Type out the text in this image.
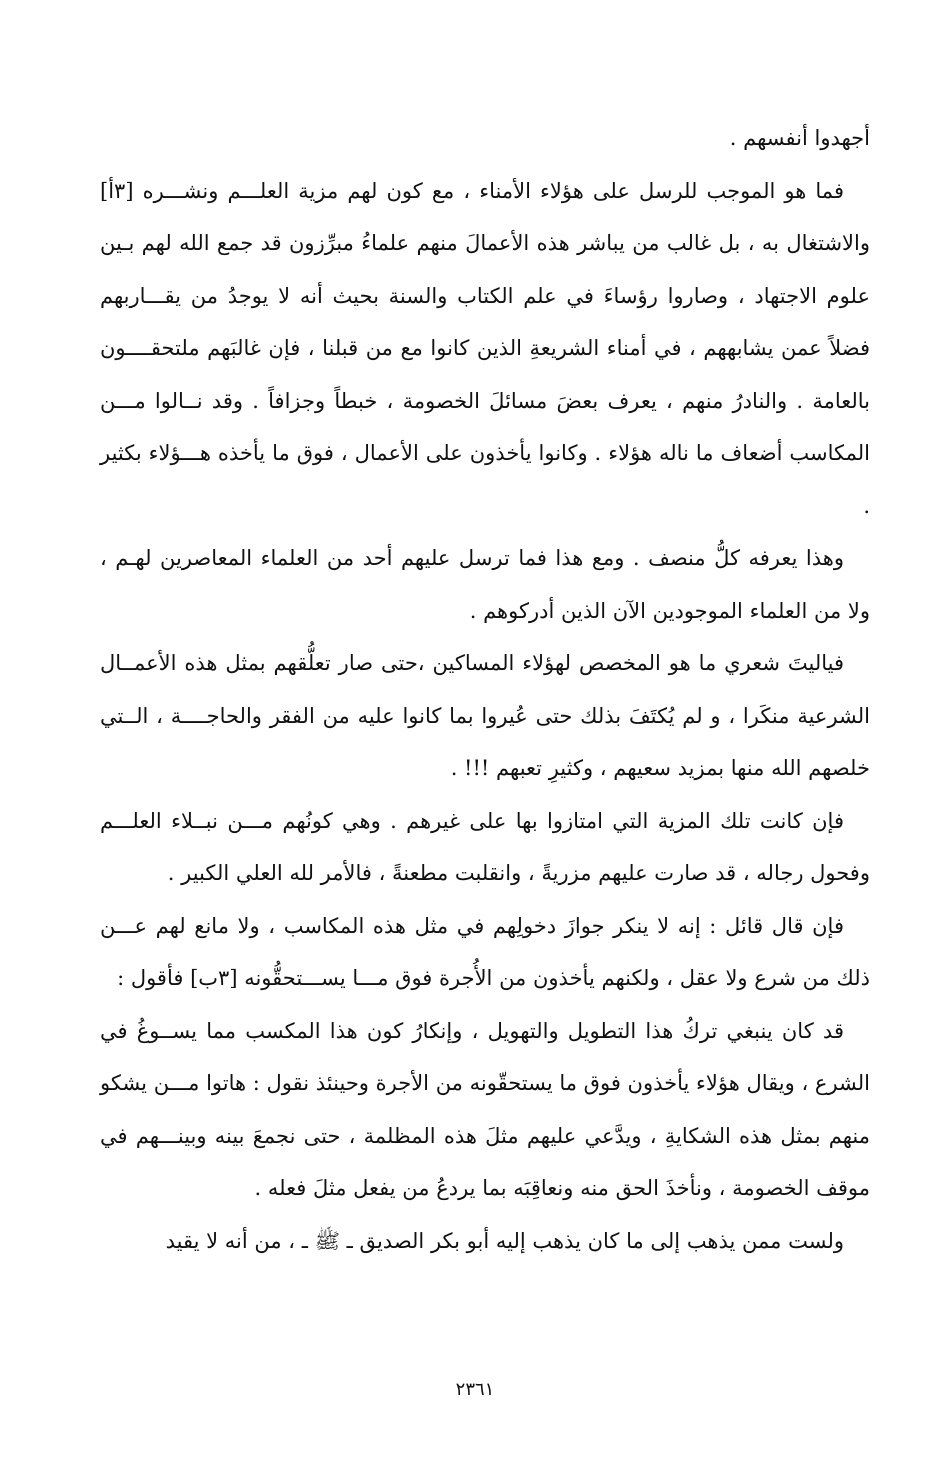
أجهدوا أنفسهم .

فما هو الموجب للرسل على هؤلاء الأمناء ، مع كون لهم مزية العلـــم ونشـــره [٣أ] والاشتغال به ، بل غالب من يباشر هذه الأعمالَ منهم علماءُ مبرِّزون قد جمع الله لهم بـين علوم الاجتهاد ، وصاروا رؤساءَ في علم الكتاب والسنة بحيث أنه لا يوجدُ من يقـــاربهم فضلاً عمن يشابههم ، في أمناء الشريعةِ الذين كانوا مع من قبلنا ، فإن غالبَهم ملتحقــــون بالعامة . والنادرُ منهم ، يعرف بعضَ مسائلَ الخصومة ، خبطاً وجزافاً . وقد نــالوا مـــن المكاسب أضعاف ما ناله هؤلاء . وكانوا يأخذون على الأعمال ، فوق ما يأخذه هـــؤلاء بكثير .

وهذا يعرفه كلُّ منصف . ومع هذا فما ترسل عليهم أحد من العلماء المعاصرين لهـم ، ولا من العلماء الموجودين الآن الذين أدركوهم .

فياليتَ شعري ما هو المخصص لهؤلاء المساكين ،حتى صار تعلُّقهم بمثل هذه الأعمــال الشرعية منكَرا ، و لم يُكتَفَ بذلك حتى عُيروا بما كانوا عليه من الفقر والحاجــــة ، الــتي خلصهم الله منها بمزيد سعيهم ، وكثيرِ تعبهم !!! .

فإن كانت تلك المزية التي امتازوا بها على غيرهم . وهي كونُهم مـــن نبــلاء العلـــم وفحول رجاله ، قد صارت عليهم مزريةً ، وانقلبت مطعنةً ، فالأمر لله العلي الكبير .

فإن قال قائل : إنه لا ينكر جوازَ دخولِهم في مثل هذه المكاسب ، ولا مانع لهم عـــن ذلك من شرع ولا عقل ، ولكنهم يأخذون من الأُجرة فوق مـــا يســـتحقُّونه [٣ب] فأقول :

قد كان ينبغي تركُ هذا التطويل والتهويل ، وإنكارُ كون هذا المكسب مما يســوغُ في الشرع ، ويقال هؤلاء يأخذون فوق ما يستحقّونه من الأجرة وحينئذ نقول : هاتوا مـــن يشكو منهم بمثل هذه الشكايةِ ، ويدَّعي عليهم مثلَ هذه المظلمة ، حتى نجمعَ بينه وبينـــهم في موقف الخصومة ، ونأخذَ الحق منه ونعاقِبَه بما يردعُ من يفعل مثلَ فعله .

ولست ممن يذهب إلى ما كان يذهب إليه أبو بكر الصديق ـ ﷺ ـ ، من أنه لا يقيد

٢٣٦١
